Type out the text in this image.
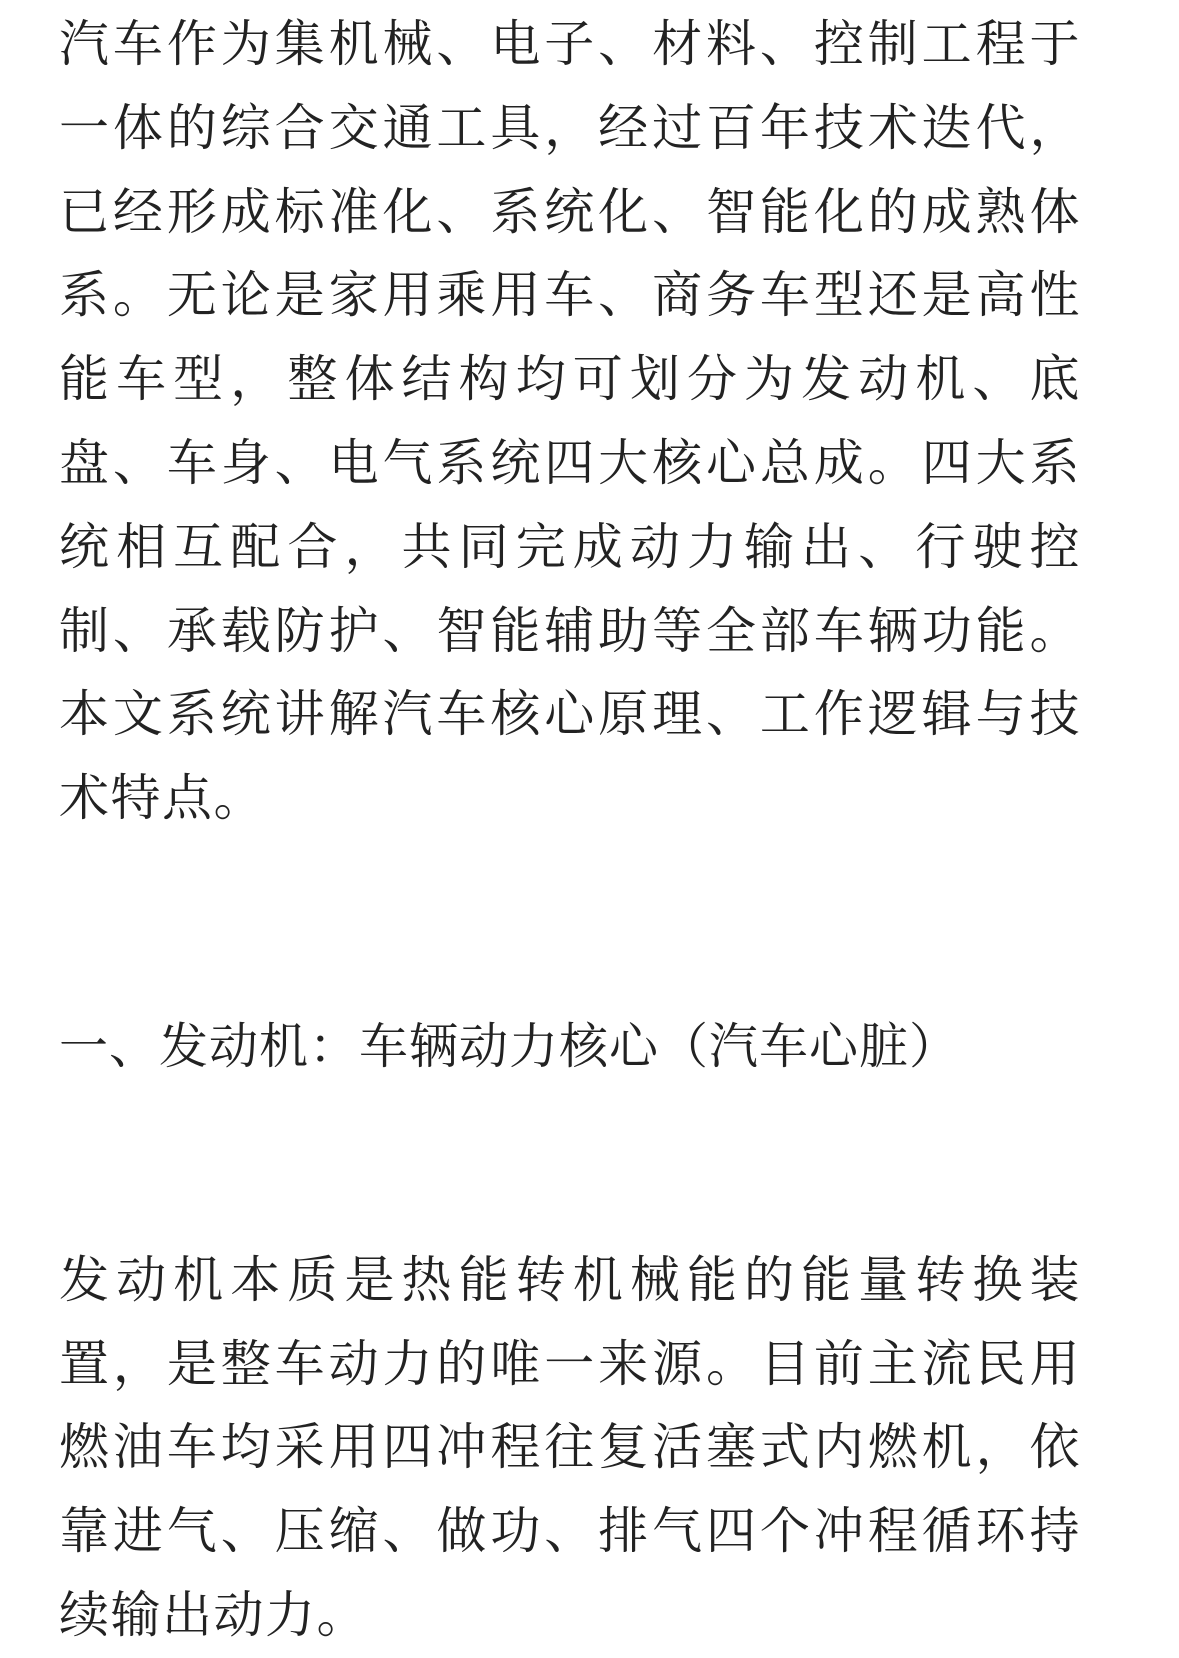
汽车作为集机械、电子、材料、控制工程于一体的综合交通工具，经过百年技术迭代，已经形成标准化、系统化、智能化的成熟体系。无论是家用乘用车、商务车型还是高性能车型，整体结构均可划分为发动机、底盘、车身、电气系统四大核心总成。四大系统相互配合，共同完成动力输出、行驶控制、承载防护、智能辅助等全部车辆功能。本文系统讲解汽车核心原理、工作逻辑与技术特点。

一、发动机：车辆动力核心（汽车心脏）

发动机本质是热能转机械能的能量转换装置，是整车动力的唯一来源。目前主流民用燃油车均采用四冲程往复活塞式内燃机，依靠进气、压缩、做功、排气四个冲程循环持续输出动力。
